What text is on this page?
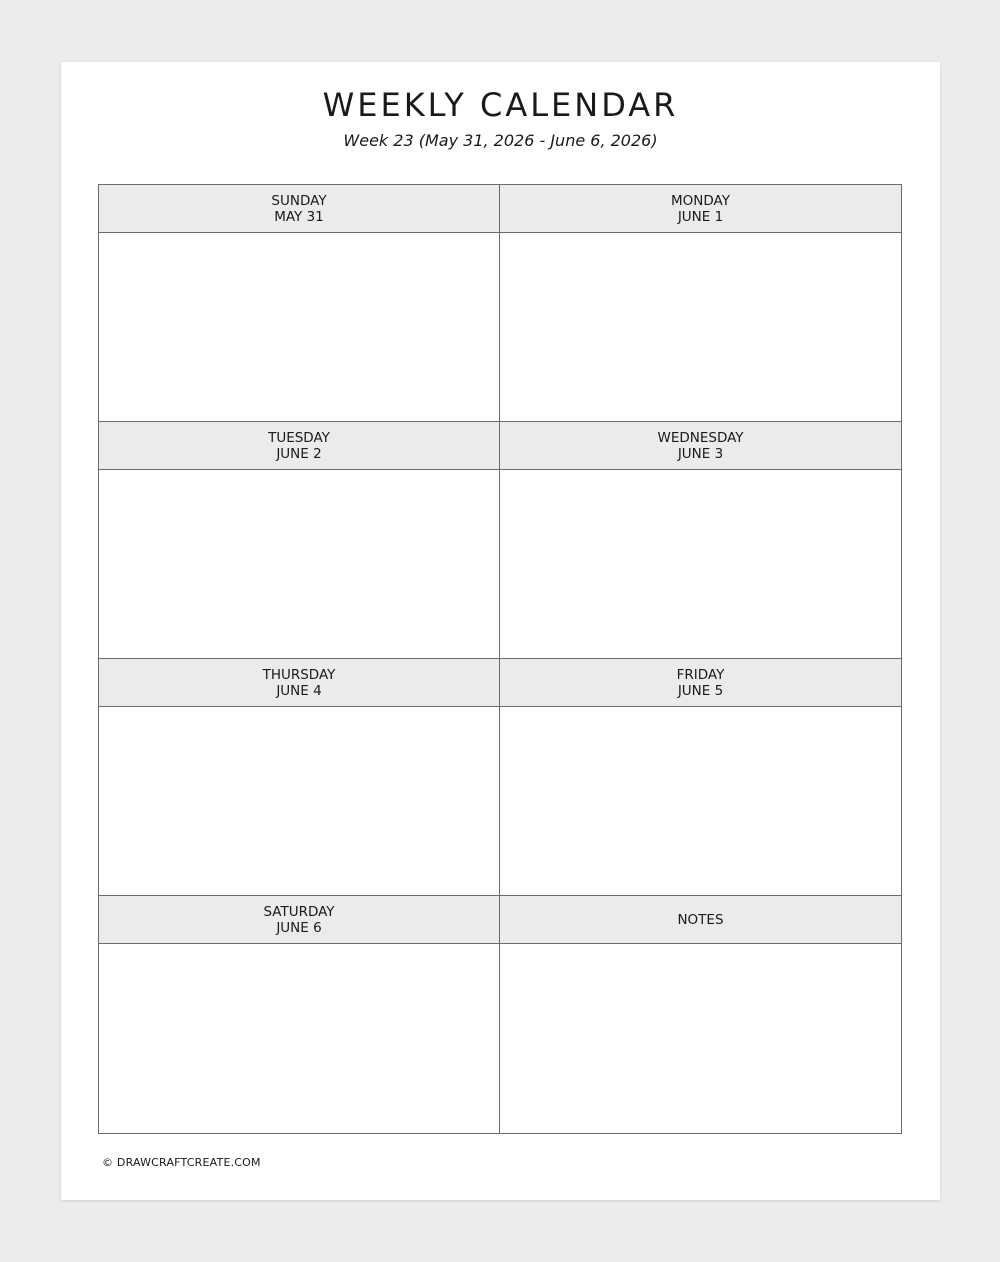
WEEKLY CALENDAR
Week 23 (May 31, 2026 - June 6, 2026)
SUNDAY
MAY 31
MONDAY
JUNE 1
TUESDAY
JUNE 2
WEDNESDAY
JUNE 3
THURSDAY
JUNE 4
FRIDAY
JUNE 5
SATURDAY
JUNE 6	NOTES
© DRAWCRAFTCREATE.COM
